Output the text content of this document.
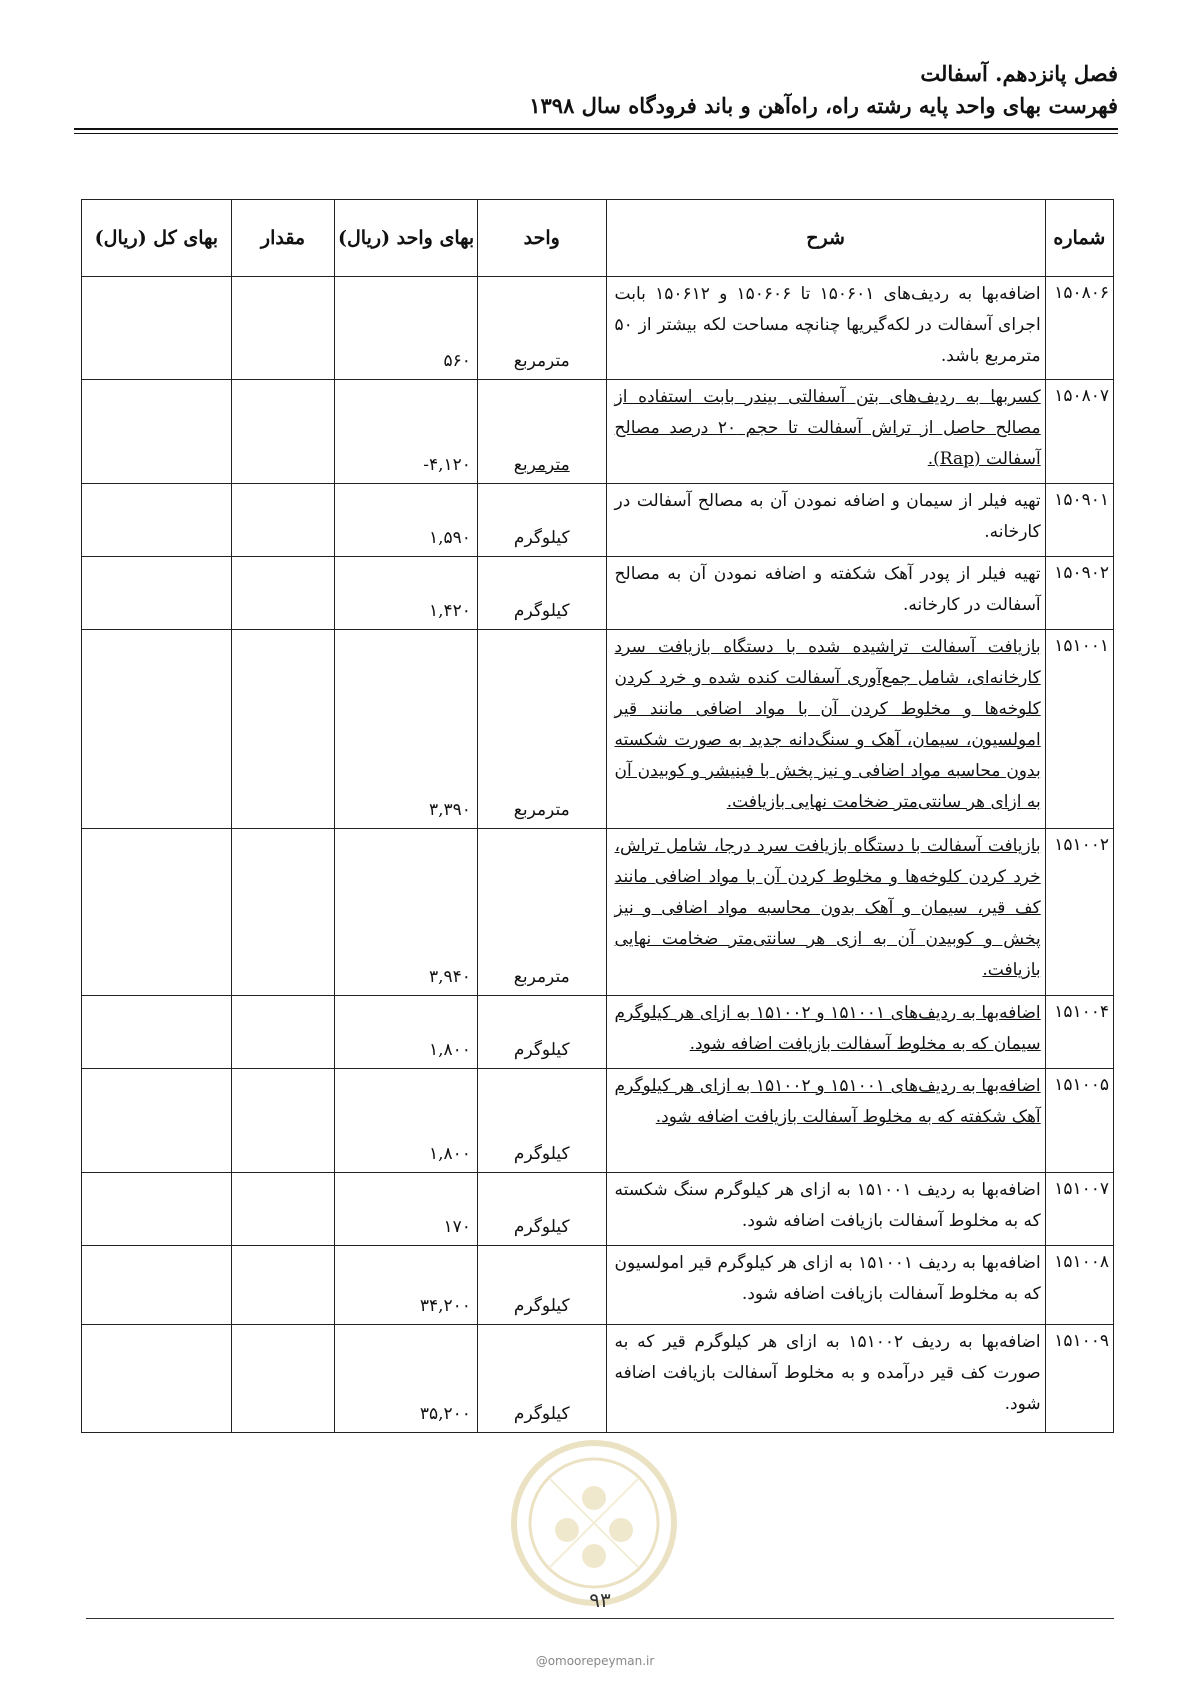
فصل پانزدهم. آسفالت
فهرست بهای واحد پایه رشته راه، راه‌آهن و باند فرودگاه سال ۱۳۹۸
شماره	شرح	واحد	بهای واحد (ریال)	مقدار	بهای کل (ریال)
۱۵۰۸۰۶	اضافه‌بها به ردیف‌های ۱۵۰۶۰۱ تا ۱۵۰۶۰۶ و ۱۵۰۶۱۲ بابت اجرای آسفالت در لکه‌گیریها چنانچه مساحت لکه بیشتر از ۵۰ مترمربع باشد.	مترمربع	۵۶۰		
۱۵۰۸۰۷	کسربها به ردیف‌های بتن آسفالتی بیندر بابت استفاده از مصالح حاصل از تراش آسفالت تا حجم ۲۰ درصد مصالح آسفالت (Rap).	مترمربع	-۴,۱۲۰		
۱۵۰۹۰۱	تهیه فیلر از سیمان و اضافه نمودن آن به مصالح آسفالت در کارخانه.	کیلوگرم	۱,۵۹۰		
۱۵۰۹۰۲	تهیه فیلر از پودر آهک شکفته و اضافه نمودن آن به مصالح آسفالت در کارخانه.	کیلوگرم	۱,۴۲۰		
۱۵۱۰۰۱	بازیافت آسفالت تراشیده شده با دستگاه بازیافت سرد کارخانه‌ای، شامل جمع‌آوری آسفالت کنده شده و خرد کردن کلوخه‌ها و مخلوط کردن آن با مواد اضافی مانند قیر امولسیون، سیمان، آهک و سنگ‌دانه جدید به صورت شکسته بدون محاسبه مواد اضافی و نیز پخش با فینیشر و کوبیدن آن به ازای هر سانتی‌متر ضخامت نهایی بازیافت.	مترمربع	۳,۳۹۰		
۱۵۱۰۰۲	بازیافت آسفالت با دستگاه بازیافت سرد درجا، شامل تراش، خرد کردن کلوخه‌ها و مخلوط کردن آن با مواد اضافی مانند کف قیر، سیمان و آهک بدون محاسبه مواد اضافی و نیز پخش و کوبیدن آن به ازی هر سانتی‌متر ضخامت نهایی بازیافت.	مترمربع	۳,۹۴۰		
۱۵۱۰۰۴	اضافه‌بها به ردیف‌های ۱۵۱۰۰۱ و ۱۵۱۰۰۲ به ازای هر کیلوگرم سیمان که به مخلوط آسفالت بازیافت اضافه شود.	کیلوگرم	۱,۸۰۰		
۱۵۱۰۰۵	اضافه‌بها به ردیف‌های ۱۵۱۰۰۱ و ۱۵۱۰۰۲ به ازای هر کیلوگرم آهک شکفته که به مخلوط آسفالت بازیافت اضافه شود.	کیلوگرم	۱,۸۰۰		
۱۵۱۰۰۷	اضافه‌بها به ردیف ۱۵۱۰۰۱ به ازای هر کیلوگرم سنگ شکسته که به مخلوط آسفالت بازیافت اضافه شود.	کیلوگرم	۱۷۰		
۱۵۱۰۰۸	اضافه‌بها به ردیف ۱۵۱۰۰۱ به ازای هر کیلوگرم قیر امولسیون که به مخلوط آسفالت بازیافت اضافه شود.	کیلوگرم	۳۴,۲۰۰		
۱۵۱۰۰۹	اضافه‌بها به ردیف ۱۵۱۰۰۲ به ازای هر کیلوگرم قیر که به صورت کف قیر درآمده و به مخلوط آسفالت بازیافت اضافه شود.	کیلوگرم	۳۵,۲۰۰		
۹۳
@omoorepeyman.ir
